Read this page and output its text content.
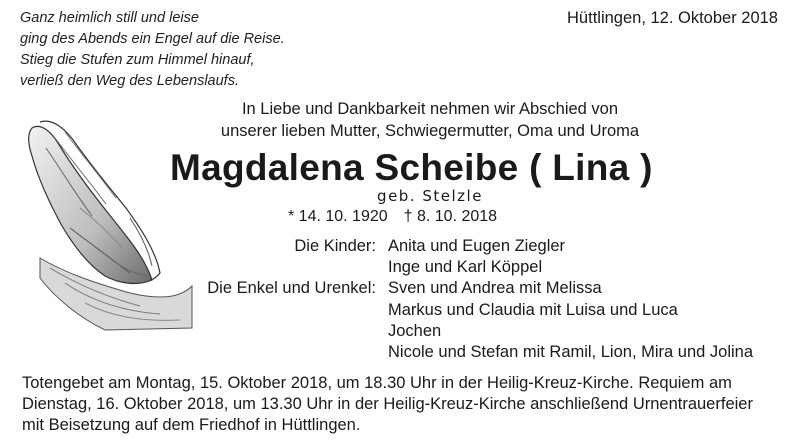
Ganz heimlich still und leise
ging des Abends ein Engel auf die Reise.
Stieg die Stufen zum Himmel hinauf,
verließ den Weg des Lebenslaufs.
Hüttlingen, 12. Oktober 2018
In Liebe und Dankbarkeit nehmen wir Abschied von
unserer lieben Mutter, Schwiegermutter, Oma und Uroma
Magdalena Scheibe ( Lina )
geb. Stelzle
* 14. 10. 1920 † 8. 10. 2018
Die Kinder: Anita und Eugen Ziegler
Inge und Karl Köppel
Die Enkel und Urenkel: Sven und Andrea mit Melissa
Markus und Claudia mit Luisa und Luca
Jochen
Nicole und Stefan mit Ramil, Lion, Mira und Jolina
Totengebet am Montag, 15. Oktober 2018, um 18.30 Uhr in der Heilig-Kreuz-Kirche. Requiem am
Dienstag, 16. Oktober 2018, um 13.30 Uhr in der Heilig-Kreuz-Kirche anschließend Urnentrauerfeier
mit Beisetzung auf dem Friedhof in Hüttlingen.
